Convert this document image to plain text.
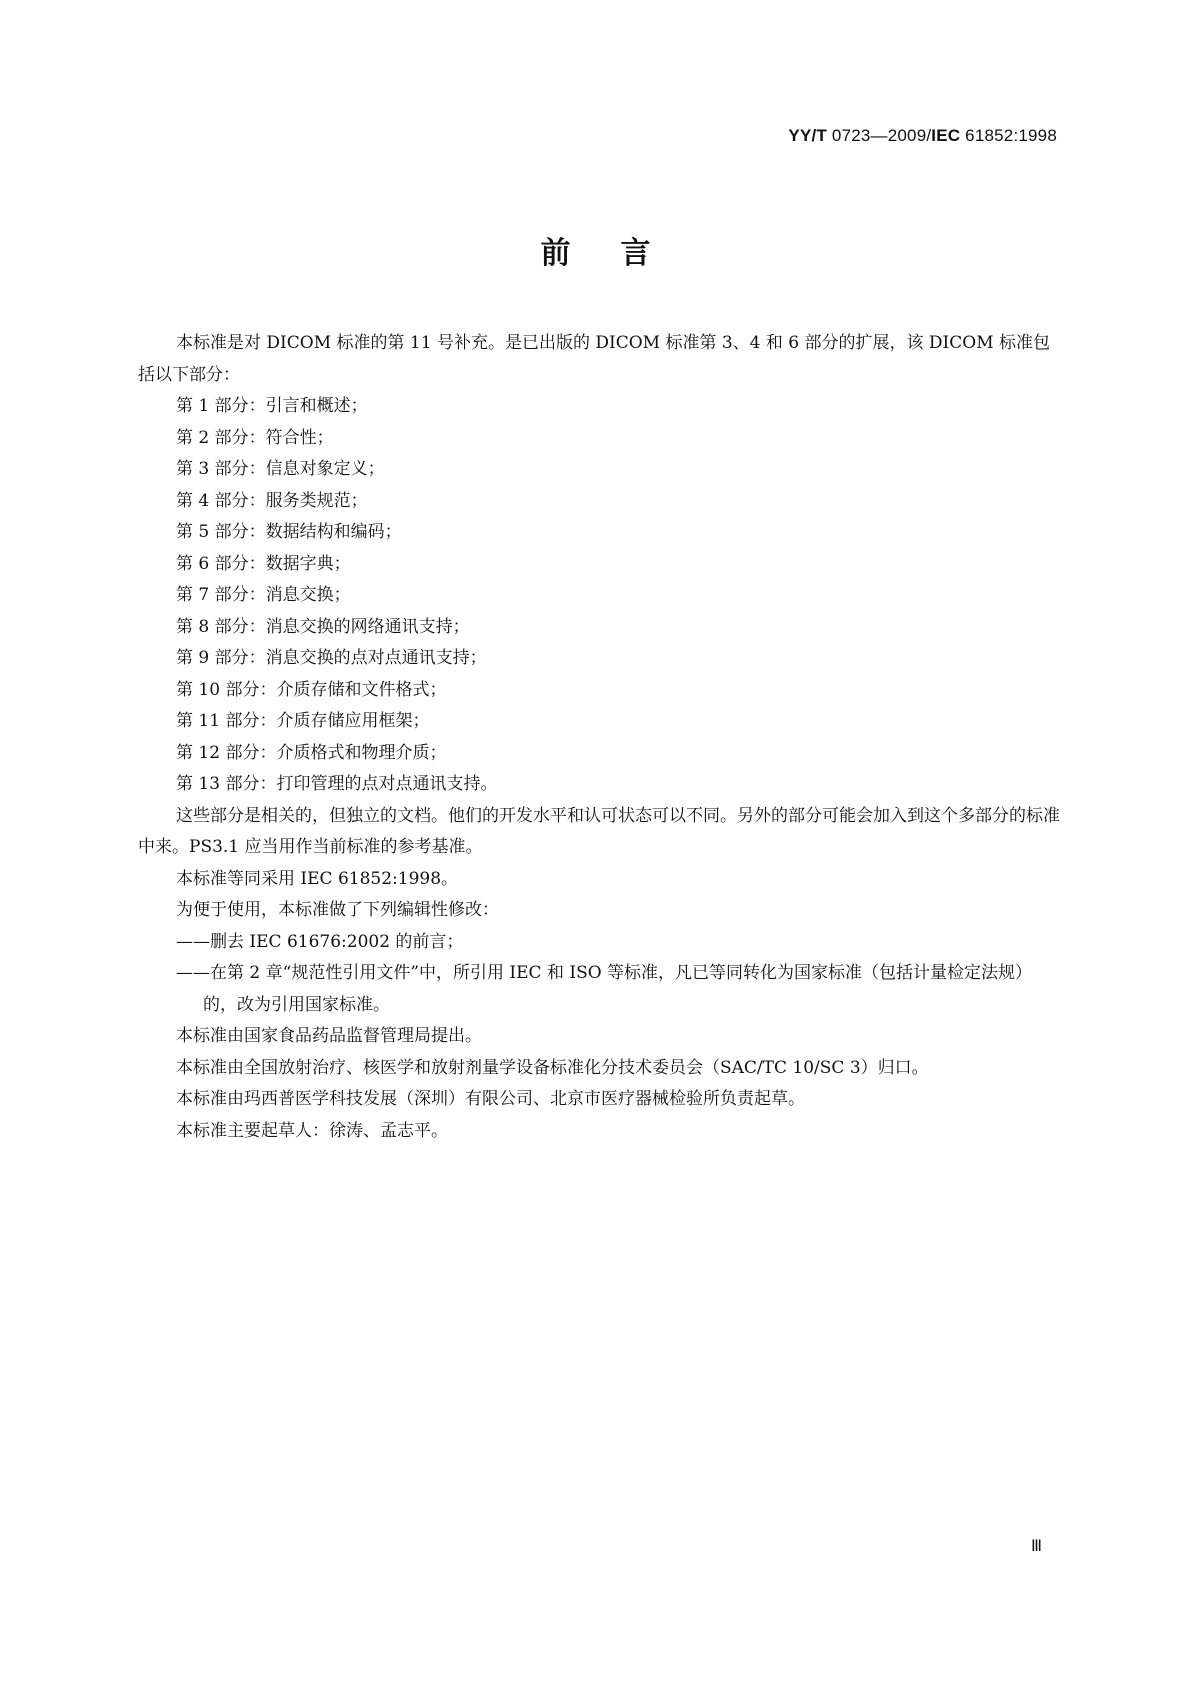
YY/T 0723—2009/IEC 61852:1998
前 言

本标准是对 DICOM 标准的第 11 号补充。是已出版的 DICOM 标准第 3、4 和 6 部分的扩展，该 DICOM 标准包括以下部分：

第 1 部分：引言和概述；
第 2 部分：符合性；
第 3 部分：信息对象定义；
第 4 部分：服务类规范；
第 5 部分：数据结构和编码；
第 6 部分：数据字典；
第 7 部分：消息交换；
第 8 部分：消息交换的网络通讯支持；
第 9 部分：消息交换的点对点通讯支持；
第 10 部分：介质存储和文件格式；
第 11 部分：介质存储应用框架；
第 12 部分：介质格式和物理介质；
第 13 部分：打印管理的点对点通讯支持。

这些部分是相关的，但独立的文档。他们的开发水平和认可状态可以不同。另外的部分可能会加入到这个多部分的标准中来。PS3.1 应当用作当前标准的参考基准。

本标准等同采用 IEC 61852:1998。

为便于使用，本标准做了下列编辑性修改：

——删去 IEC 61676:2002 的前言；

——在第 2 章“规范性引用文件”中，所引用 IEC 和 ISO 等标准，凡已等同转化为国家标准（包括计量检定法规）的，改为引用国家标准。

本标准由国家食品药品监督管理局提出。

本标准由全国放射治疗、核医学和放射剂量学设备标准化分技术委员会（SAC/TC 10/SC 3）归口。

本标准由玛西普医学科技发展（深圳）有限公司、北京市医疗器械检验所负责起草。

本标准主要起草人：徐涛、孟志平。

Ⅲ
